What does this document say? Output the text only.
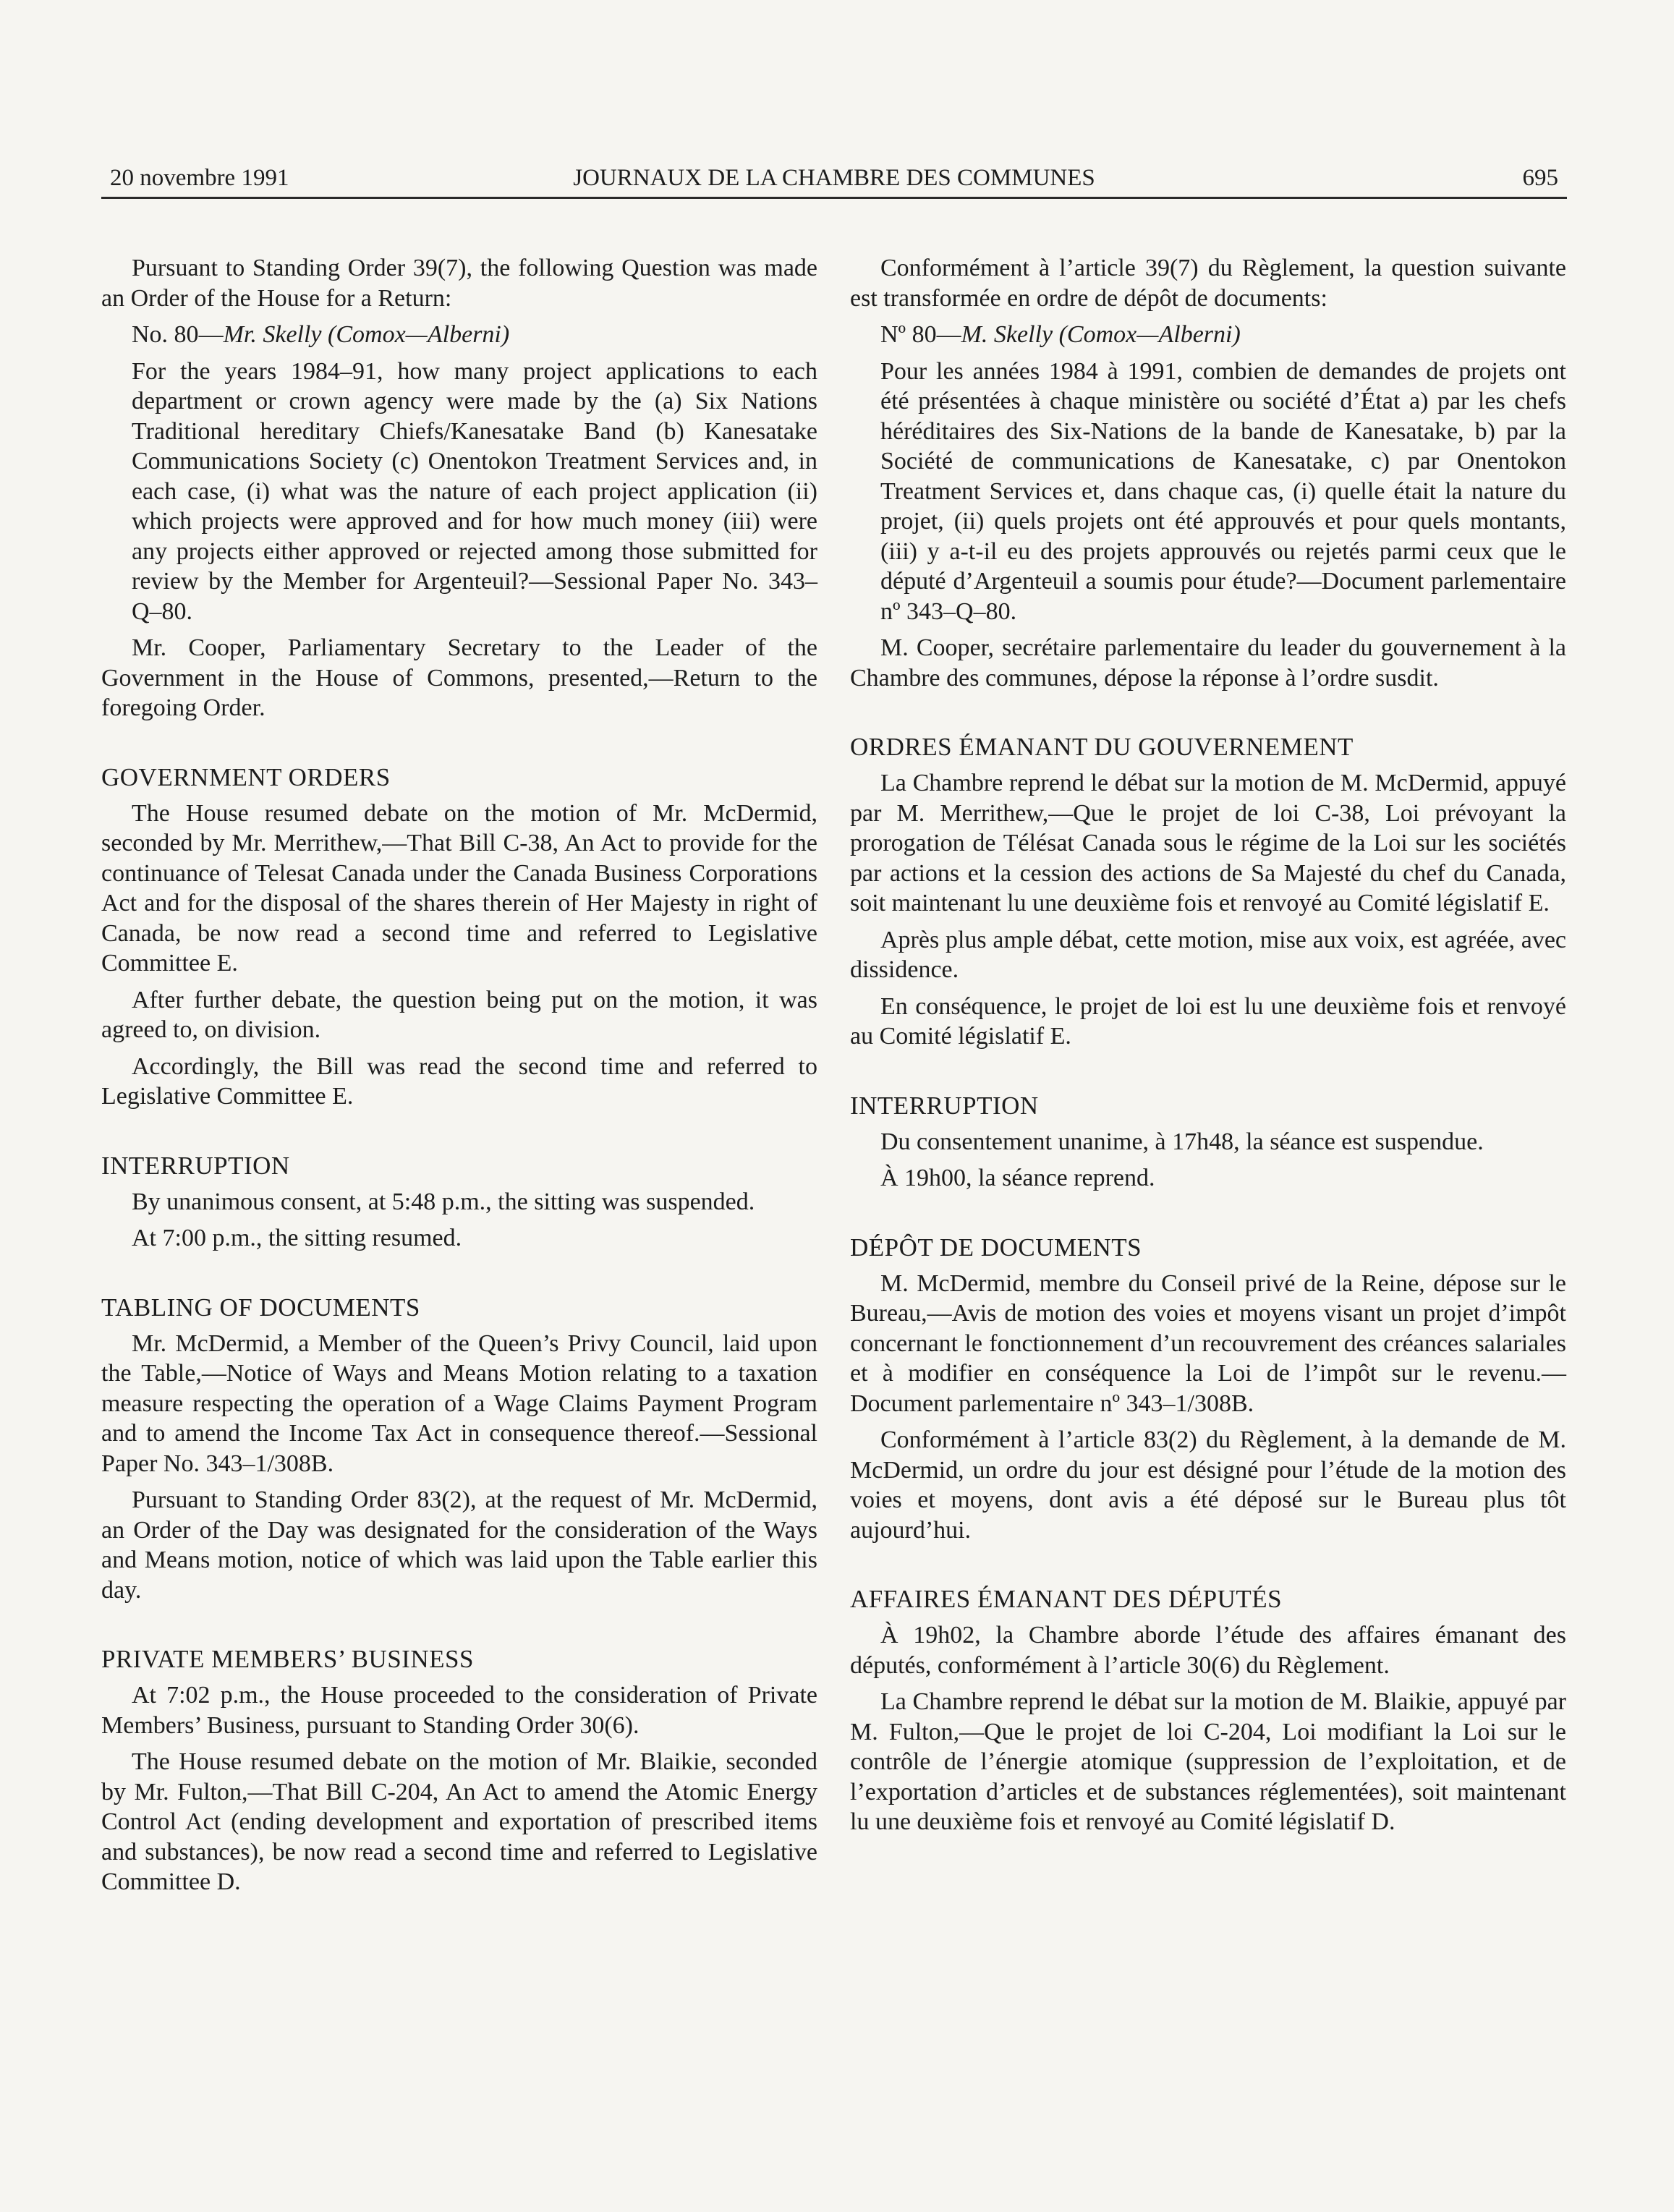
20 novembre 1991	JOURNAUX DE LA CHAMBRE DES COMMUNES	695

Pursuant to Standing Order 39(7), the following Question was made an Order of the House for a Return:

No. 80—Mr. Skelly (Comox—Alberni)

For the years 1984–91, how many project applications to each department or crown agency were made by the (a) Six Nations Traditional hereditary Chiefs/Kanesatake Band (b) Kanesatake Communications Society (c) Onentokon Treatment Services and, in each case, (i) what was the nature of each project application (ii) which projects were approved and for how much money (iii) were any projects either approved or rejected among those submitted for review by the Member for Argenteuil?—Sessional Paper No. 343–Q–80.

Mr. Cooper, Parliamentary Secretary to the Leader of the Government in the House of Commons, presented,—Return to the foregoing Order.

GOVERNMENT ORDERS

The House resumed debate on the motion of Mr. McDermid, seconded by Mr. Merrithew,—That Bill C-38, An Act to provide for the continuance of Telesat Canada under the Canada Business Corporations Act and for the disposal of the shares therein of Her Majesty in right of Canada, be now read a second time and referred to Legislative Committee E.

After further debate, the question being put on the motion, it was agreed to, on division.

Accordingly, the Bill was read the second time and referred to Legislative Committee E.

INTERRUPTION

By unanimous consent, at 5:48 p.m., the sitting was suspended.

At 7:00 p.m., the sitting resumed.

TABLING OF DOCUMENTS

Mr. McDermid, a Member of the Queen’s Privy Council, laid upon the Table,—Notice of Ways and Means Motion relating to a taxation measure respecting the operation of a Wage Claims Payment Program and to amend the Income Tax Act in consequence thereof.—Sessional Paper No. 343–1/308B.

Pursuant to Standing Order 83(2), at the request of Mr. McDermid, an Order of the Day was designated for the consideration of the Ways and Means motion, notice of which was laid upon the Table earlier this day.

PRIVATE MEMBERS’ BUSINESS

At 7:02 p.m., the House proceeded to the consideration of Private Members’ Business, pursuant to Standing Order 30(6).

The House resumed debate on the motion of Mr. Blaikie, seconded by Mr. Fulton,—That Bill C-204, An Act to amend the Atomic Energy Control Act (ending development and exportation of prescribed items and substances), be now read a second time and referred to Legislative Committee D.

Conformément à l’article 39(7) du Règlement, la question suivante est transformée en ordre de dépôt de documents:

Nº 80—M. Skelly (Comox—Alberni)

Pour les années 1984 à 1991, combien de demandes de projets ont été présentées à chaque ministère ou société d’État a) par les chefs héréditaires des Six-Nations de la bande de Kanesatake, b) par la Société de communications de Kanesatake, c) par Onentokon Treatment Services et, dans chaque cas, (i) quelle était la nature du projet, (ii) quels projets ont été approuvés et pour quels montants, (iii) y a-t-il eu des projets approuvés ou rejetés parmi ceux que le député d’Argenteuil a soumis pour étude?—Document parlementaire nº 343–Q–80.

M. Cooper, secrétaire parlementaire du leader du gouvernement à la Chambre des communes, dépose la réponse à l’ordre susdit.

ORDRES ÉMANANT DU GOUVERNEMENT

La Chambre reprend le débat sur la motion de M. McDermid, appuyé par M. Merrithew,—Que le projet de loi C-38, Loi prévoyant la prorogation de Télésat Canada sous le régime de la Loi sur les sociétés par actions et la cession des actions de Sa Majesté du chef du Canada, soit maintenant lu une deuxième fois et renvoyé au Comité législatif E.

Après plus ample débat, cette motion, mise aux voix, est agréée, avec dissidence.

En conséquence, le projet de loi est lu une deuxième fois et renvoyé au Comité législatif E.

INTERRUPTION

Du consentement unanime, à 17h48, la séance est suspendue.

À 19h00, la séance reprend.

DÉPÔT DE DOCUMENTS

M. McDermid, membre du Conseil privé de la Reine, dépose sur le Bureau,—Avis de motion des voies et moyens visant un projet d’impôt concernant le fonctionnement d’un recouvrement des créances salariales et à modifier en conséquence la Loi de l’impôt sur le revenu.—Document parlementaire nº 343–1/308B.

Conformément à l’article 83(2) du Règlement, à la demande de M. McDermid, un ordre du jour est désigné pour l’étude de la motion des voies et moyens, dont avis a été déposé sur le Bureau plus tôt aujourd’hui.

AFFAIRES ÉMANANT DES DÉPUTÉS

À 19h02, la Chambre aborde l’étude des affaires émanant des députés, conformément à l’article 30(6) du Règlement.

La Chambre reprend le débat sur la motion de M. Blaikie, appuyé par M. Fulton,—Que le projet de loi C-204, Loi modifiant la Loi sur le contrôle de l’énergie atomique (suppression de l’exploitation, et de l’exportation d’articles et de substances réglementées), soit maintenant lu une deuxième fois et renvoyé au Comité législatif D.
